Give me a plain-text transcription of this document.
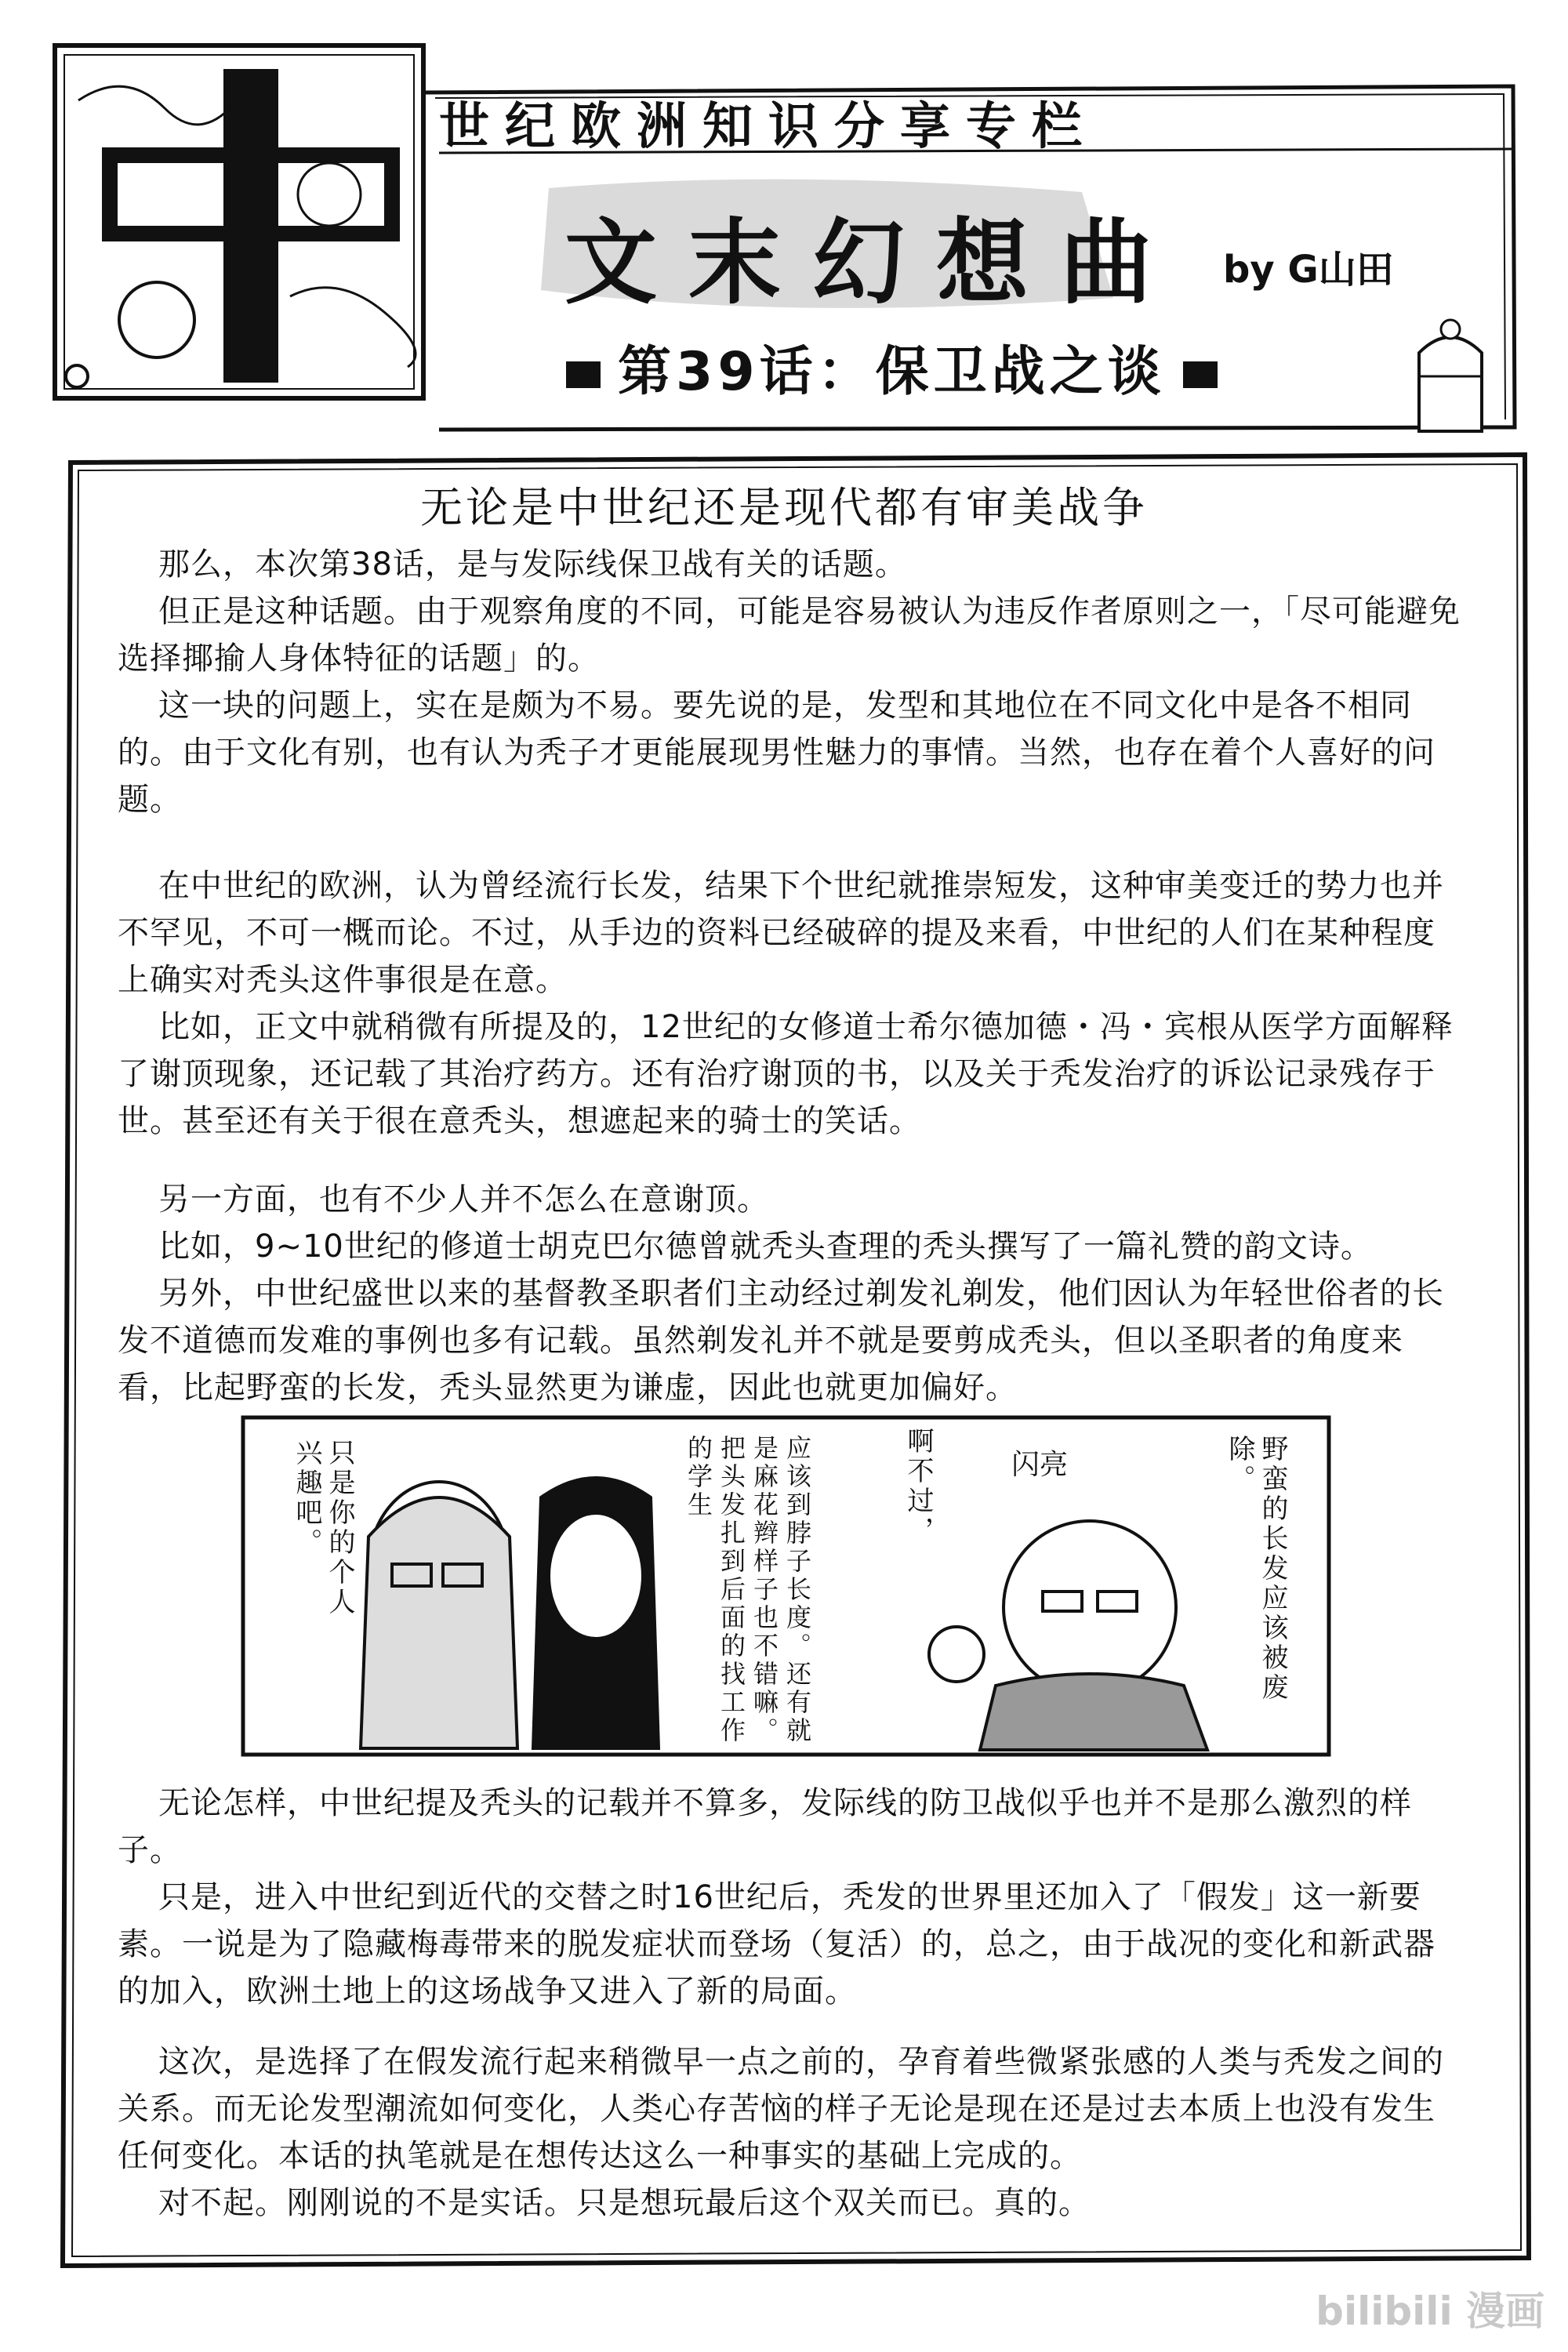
世纪欧洲知识分享专栏
文末幻想曲 by G山田
第39话：保卫战之谈
无论是中世纪还是现代都有审美战争

那么，本次第38话，是与发际线保卫战有关的话题。

但正是这种话题。由于观察角度的不同，可能是容易被认为违反作者原则之一，「尽可能避免选择揶揄人身体特征的话题」的。

这一块的问题上，实在是颇为不易。要先说的是，发型和其地位在不同文化中是各不相同的。由于文化有别，也有认为秃子才更能展现男性魅力的事情。当然，也存在着个人喜好的问题。

在中世纪的欧洲，认为曾经流行长发，结果下个世纪就推崇短发，这种审美变迁的势力也并不罕见，不可一概而论。不过，从手边的资料已经破碎的提及来看，中世纪的人们在某种程度上确实对秃头这件事很是在意。

比如，正文中就稍微有所提及的，12世纪的女修道士希尔德加德・冯・宾根从医学方面解释了谢顶现象，还记载了其治疗药方。还有治疗谢顶的书，以及关于秃发治疗的诉讼记录残存于世。甚至还有关于很在意秃头，想遮起来的骑士的笑话。

另一方面，也有不少人并不怎么在意谢顶。

比如，9~10世纪的修道士胡克巴尔德曾就秃头查理的秃头撰写了一篇礼赞的韵文诗。

另外，中世纪盛世以来的基督教圣职者们主动经过剃发礼剃发，他们因认为年轻世俗者的长发不道德而发难的事例也多有记载。虽然剃发礼并不就是要剪成秃头，但以圣职者的角度来看，比起野蛮的长发，秃头显然更为谦虚，因此也就更加偏好。

只是你的个人兴趣吧。	应该到脖子长度。还有就是麻花辫样子也不错嘛。把头发扎到后面的找工作的学生	啊不过，	闪亮	野蛮的长发应该被废除。

无论怎样，中世纪提及秃头的记载并不算多，发际线的防卫战似乎也并不是那么激烈的样子。

只是，进入中世纪到近代的交替之时16世纪后，秃发的世界里还加入了「假发」这一新要素。一说是为了隐藏梅毒带来的脱发症状而登场（复活）的，总之，由于战况的变化和新武器的加入，欧洲土地上的这场战争又进入了新的局面。

这次，是选择了在假发流行起来稍微早一点之前的，孕育着些微紧张感的人类与秃发之间的关系。而无论发型潮流如何变化，人类心存苦恼的样子无论是现在还是过去本质上也没有发生任何变化。本话的执笔就是在想传达这么一种事实的基础上完成的。

对不起。刚刚说的不是实话。只是想玩最后这个双关而已。真的。

bilibili 漫画
